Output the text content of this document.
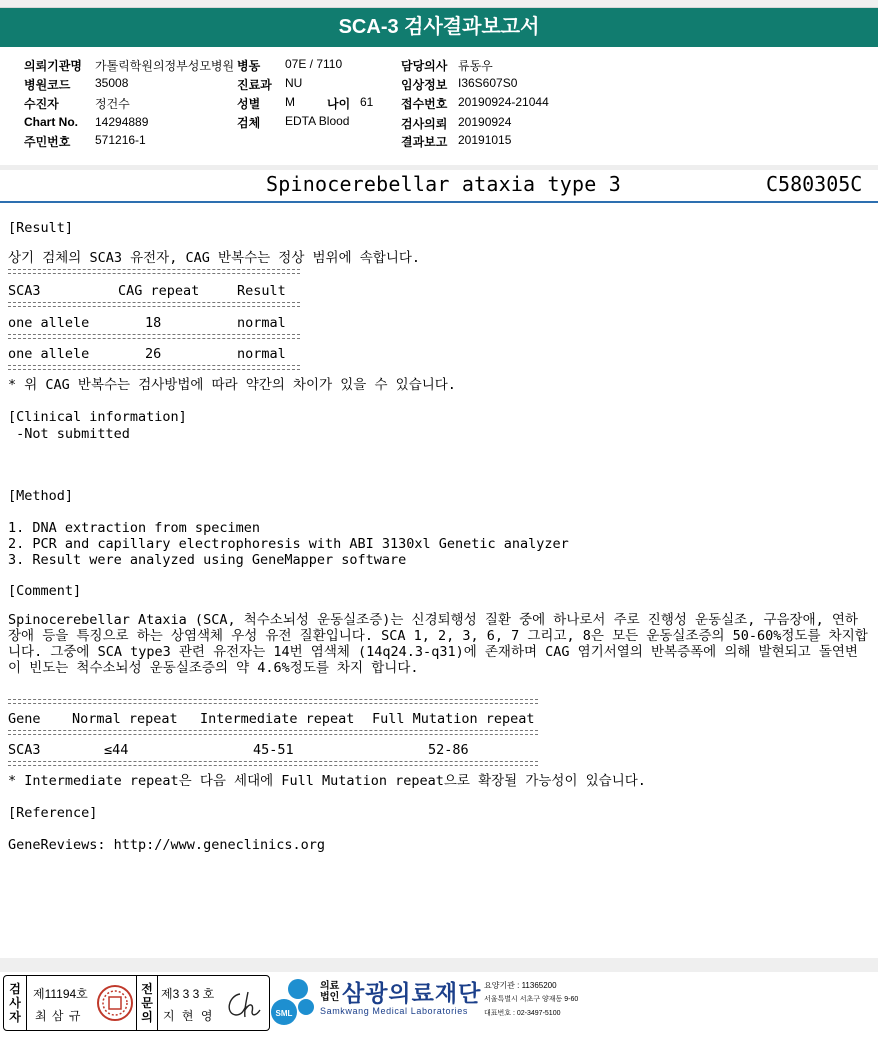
SCA-3 검사결과보고서
의뢰기관명 가톨릭학원의정부성모병원
병원코드 35008
수진자	정건수
Chart No. 14294889
주민번호 571216-1
병동 07E / 7110
진료과 NU
성별 M	나이 61
검체 EDTA Blood
담당의사 류동우
임상정보 I36S607S0
접수번호 20190924-21044
검사의뢰 20190924
결과보고 20191015
Spinocerebellar ataxia type 3	C580305C
[Result]
상기 검체의 SCA3 유전자, CAG 반복수는 정상 범위에 속합니다.
SCA3	CAG repeat	Result
one allele	18	normal
one allele	26	normal
* 위 CAG 반복수는 검사방법에 따라 약간의 차이가 있을 수 있습니다.
[Clinical information]
-Not submitted
[Method]
1. DNA extraction from specimen
2. PCR and capillary electrophoresis with ABI 3130xl Genetic analyzer
3. Result were analyzed using GeneMapper software
[Comment]
Spinocerebellar Ataxia (SCA, 척수소뇌성 운동실조증)는 신경퇴행성 질환 중에 하나로서 주로 진행성 운동실조, 구음장애, 연하장애 등을 특징으로 하는 상염색체 우성 유전 질환입니다. SCA 1, 2, 3, 6, 7 그리고, 8은 모든 운동실조증의 50-60%정도를 차지합니다. 그중에 SCA type3 관련 유전자는 14번 염색체 (14q24.3-q31)에 존재하며 CAG 염기서열의 반복증폭에 의해 발현되고 돌연변이 빈도는 척수소뇌성 운동실조증의 약 4.6%정도를 차지 합니다.
Gene Normal repeat Intermediate repeat Full Mutation repeat
SCA3	≤44	45-51	52-86
* Intermediate repeat은 다음 세대에 Full Mutation repeat으로 확장될 가능성이 있습니다.
[Reference]
GeneReviews: http://www.geneclinics.org
검
사
자
제11194호
최 삼 규
전
문
의
제3 3 3 호
지 현 영	SML
의료
법인 삼광의료재단
Samkwang Medical Laboratories
요양기관 : 11365200
서울특별시 서초구 양재동 9-60
대표번호 : 02-3497-5100
